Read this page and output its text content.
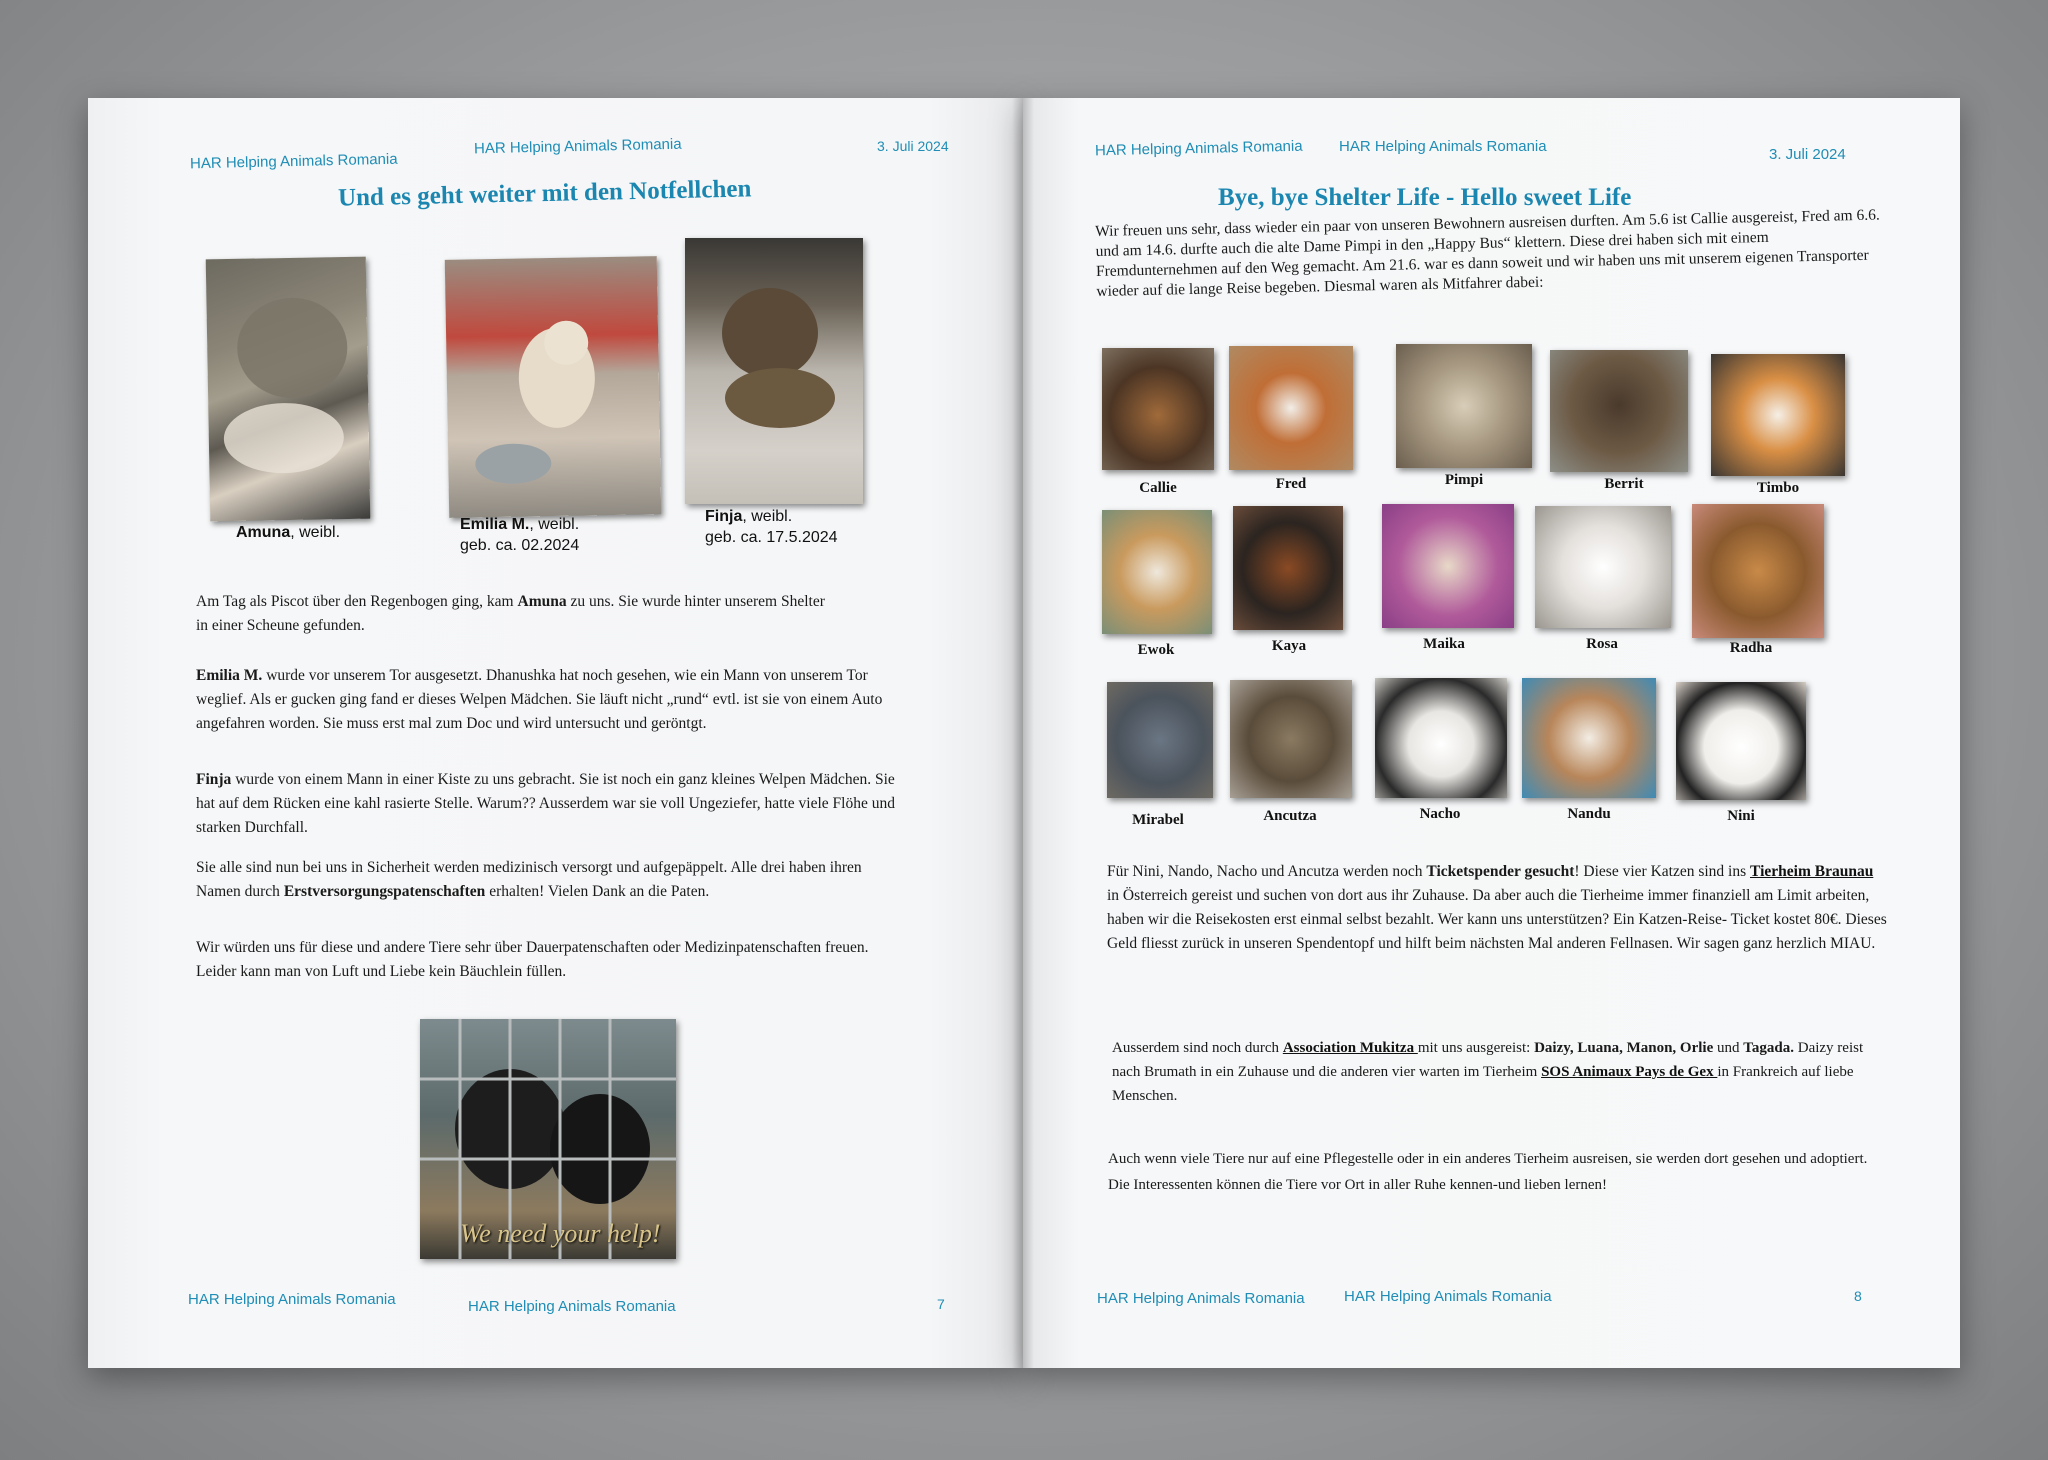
HAR Helping Animals Romania
HAR Helping Animals Romania	3. Juli 2024
Und es geht weiter mit den Notfellchen
Amuna, weibl.	Emilia M., weibl.
geb. ca. 02.2024
Finja, weibl.
geb. ca. 17.5.2024
Am Tag als Piscot über den Regenbogen ging, kam Amuna zu uns. Sie wurde hinter unserem Shelter in einer Scheune gefunden.
Emilia M. wurde vor unserem Tor ausgesetzt. Dhanushka hat noch gesehen, wie ein Mann von unserem Tor weglief. Als er gucken ging fand er dieses Welpen Mädchen. Sie läuft nicht „rund“ evtl. ist sie von einem Auto angefahren worden. Sie muss erst mal zum Doc und wird untersucht und geröntgt.
Finja wurde von einem Mann in einer Kiste zu uns gebracht. Sie ist noch ein ganz kleines Welpen Mädchen. Sie hat auf dem Rücken eine kahl rasierte Stelle. Warum?? Ausserdem war sie voll Ungeziefer, hatte viele Flöhe und starken Durchfall.
Sie alle sind nun bei uns in Sicherheit werden medizinisch versorgt und aufgepäppelt. Alle drei haben ihren Namen durch Erstversorgungspatenschaften erhalten! Vielen Dank an die Paten.
Wir würden uns für diese und andere Tiere sehr über Dauerpatenschaften oder Medizinpatenschaften freuen. Leider kann man von Luft und Liebe kein Bäuchlein füllen.
We need your help!
HAR Helping Animals Romania	HAR Helping Animals Romania	7
HAR Helping Animals Romania HAR Helping Animals Romania	3. Juli 2024
Bye, bye Shelter Life - Hello sweet Life
Wir freuen uns sehr, dass wieder ein paar von unseren Bewohnern ausreisen durften. Am 5.6 ist Callie ausgereist, Fred am 6.6. und am 14.6. durfte auch die alte Dame Pimpi in den „Happy Bus“ klettern. Diese drei haben sich mit einem Fremdunternehmen auf den Weg gemacht. Am 21.6. war es dann soweit und wir haben uns mit unserem eigenen Transporter wieder auf die lange Reise begeben. Diesmal waren als Mitfahrer dabei:
Callie	Fred	Pimpi	Berrit	Timbo
Ewok	Kaya	Maika	Rosa	Radha
Mirabel	Ancutza	Nacho	Nandu	Nini
Für Nini, Nando, Nacho und Ancutza werden noch Ticketspender gesucht! Diese vier Katzen sind ins Tierheim Braunau in Österreich gereist und suchen von dort aus ihr Zuhause. Da aber auch die Tierheime immer finanziell am Limit arbeiten, haben wir die Reisekosten erst einmal selbst bezahlt. Wer kann uns unterstützen? Ein Katzen-Reise- Ticket kostet 80€. Dieses Geld fliesst zurück in unseren Spendentopf und hilft beim nächsten Mal anderen Fellnasen. Wir sagen ganz herzlich MIAU.
Ausserdem sind noch durch Association Mukitza mit uns ausgereist: Daizy, Luana, Manon, Orlie und Tagada. Daizy reist nach Brumath in ein Zuhause und die anderen vier warten im Tierheim SOS Animaux Pays de Gex in Frankreich auf liebe Menschen.
Auch wenn viele Tiere nur auf eine Pflegestelle oder in ein anderes Tierheim ausreisen, sie werden dort gesehen und adoptiert. Die Interessenten können die Tiere vor Ort in aller Ruhe kennen-und lieben lernen!
HAR Helping Animals Romania	HAR Helping Animals Romania	8
